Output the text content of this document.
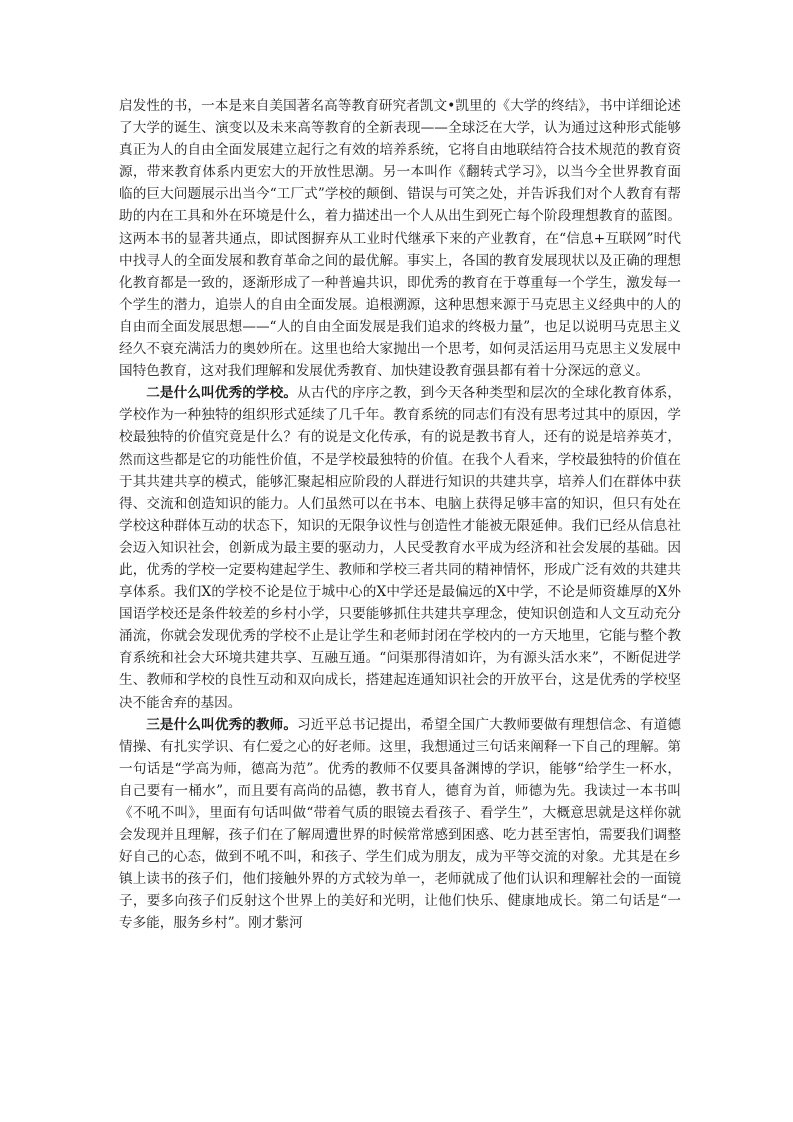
启发性的书，一本是来自美国著名高等教育研究者凯文•凯里的《大学的终结》，书中详细论述了大学的诞生、演变以及未来高等教育的全新表现——全球泛在大学，认为通过这种形式能够真正为人的自由全面发展建立起行之有效的培养系统，它将自由地联结符合技术规范的教育资源，带来教育体系内更宏大的开放性思潮。另一本叫作《翻转式学习》，以当今全世界教育面临的巨大问题展示出当今“工厂式”学校的颠倒、错误与可笑之处，并告诉我们对个人教育有帮助的内在工具和外在环境是什么，着力描述出一个人从出生到死亡每个阶段理想教育的蓝图。这两本书的显著共通点，即试图摒弃从工业时代继承下来的产业教育，在“信息+互联网”时代中找寻人的全面发展和教育革命之间的最优解。事实上，各国的教育发展现状以及正确的理想化教育都是一致的，逐渐形成了一种普遍共识，即优秀的教育在于尊重每一个学生，激发每一个学生的潜力，追崇人的自由全面发展。追根溯源，这种思想来源于马克思主义经典中的人的自由而全面发展思想——“人的自由全面发展是我们追求的终极力量”，也足以说明马克思主义经久不衰充满活力的奥妙所在。这里也给大家抛出一个思考，如何灵活运用马克思主义发展中国特色教育，这对我们理解和发展优秀教育、加快建设教育强县都有着十分深远的意义。

二是什么叫优秀的学校。从古代的序序之教，到今天各种类型和层次的全球化教育体系，学校作为一种独特的组织形式延续了几千年。教育系统的同志们有没有思考过其中的原因，学校最独特的价值究竟是什么？有的说是文化传承，有的说是教书育人，还有的说是培养英才，然而这些都是它的功能性价值，不是学校最独特的价值。在我个人看来，学校最独特的价值在于其共建共享的模式，能够汇聚起相应阶段的人群进行知识的共建共享，培养人们在群体中获得、交流和创造知识的能力。人们虽然可以在书本、电脑上获得足够丰富的知识，但只有处在学校这种群体互动的状态下，知识的无限争议性与创造性才能被无限延伸。我们已经从信息社会迈入知识社会，创新成为最主要的驱动力，人民受教育水平成为经济和社会发展的基础。因此，优秀的学校一定要构建起学生、教师和学校三者共同的精神情怀，形成广泛有效的共建共享体系。我们X的学校不论是位于城中心的X中学还是最偏远的X中学，不论是师资雄厚的X外国语学校还是条件较差的乡村小学，只要能够抓住共建共享理念，使知识创造和人文互动充分涌流，你就会发现优秀的学校不止是让学生和老师封闭在学校内的一方天地里，它能与整个教育系统和社会大环境共建共享、互融互通。“问渠那得清如许，为有源头活水来”，不断促进学生、教师和学校的良性互动和双向成长，搭建起连通知识社会的开放平台，这是优秀的学校坚决不能舍弃的基因。

三是什么叫优秀的教师。习近平总书记提出，希望全国广大教师要做有理想信念、有道德情操、有扎实学识、有仁爱之心的好老师。这里，我想通过三句话来阐释一下自己的理解。第一句话是“学高为师，德高为范”。优秀的教师不仅要具备渊博的学识，能够“给学生一杯水，自己要有一桶水”，而且要有高尚的品德，教书育人，德育为首，师德为先。我读过一本书叫《不吼不叫》，里面有句话叫做“带着气质的眼镜去看孩子、看学生”，大概意思就是这样你就会发现并且理解，孩子们在了解周遭世界的时候常常感到困惑、吃力甚至害怕，需要我们调整好自己的心态，做到不吼不叫，和孩子、学生们成为朋友，成为平等交流的对象。尤其是在乡镇上读书的孩子们，他们接触外界的方式较为单一，老师就成了他们认识和理解社会的一面镜子，要多向孩子们反射这个世界上的美好和光明，让他们快乐、健康地成长。第二句话是“一专多能，服务乡村”。刚才紫河
